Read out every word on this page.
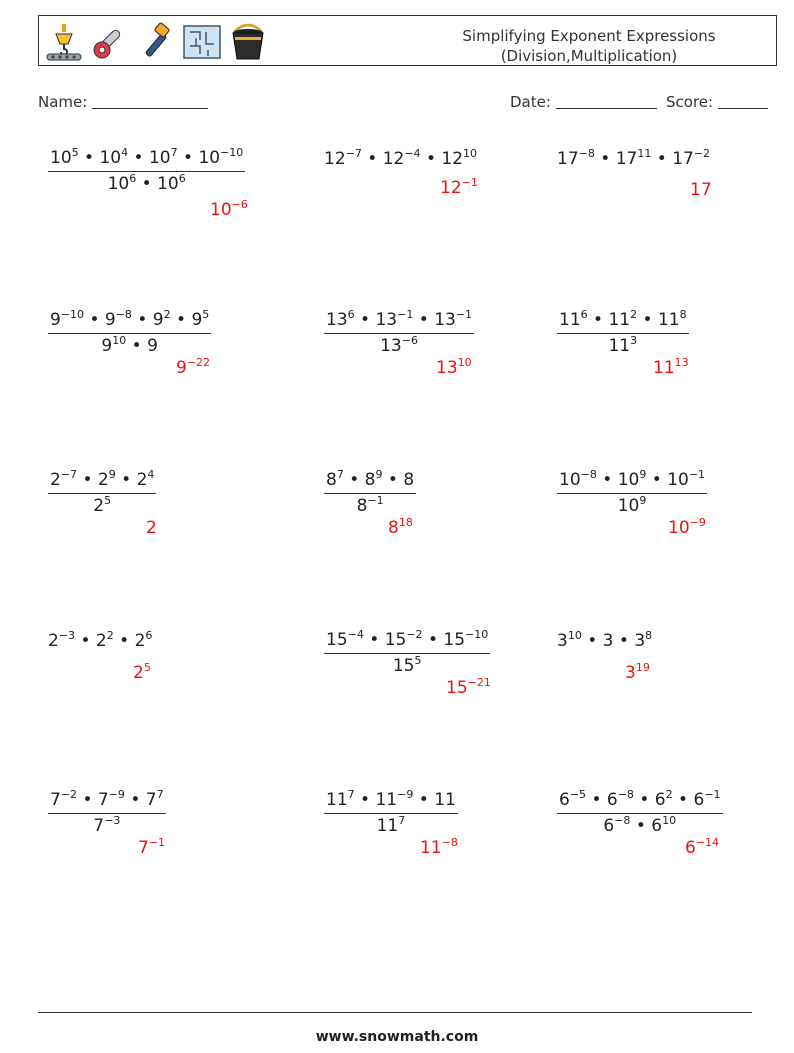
Simplifying Exponent Expressions
(Division,Multiplication)
Name:	Date:	Score:
$\frac{10^5 • 10^4 • 10^7 • 10^{-10}}{10^6 • 10^6}$
$10^{-6}$
$12^{-7}$ • $12^{-4}$ • $12^{10}$
$12^{-1}$
$17^{-8}$ • $17^{11}$ • $17^{-2}$
17
$\frac{9^{-10} • 9^{-8} • 9^2 • 9^5}{9^{10} • 9}$
$9^{-22}$
$\frac{13^6 • 13^{-1} • 13^{-1}}{13^{-6}}$
$13^{10}$
$\frac{11^6 • 11^2 • 11^8}{11^3}$
$11^{13}$
$\frac{2^{-7} • 2^9 • 2^4}{2^5}$
2
$\frac{8^7 • 8^9 • 8}{8^{-1}}$
$8^{18}$
$\frac{10^{-8} • 10^9 • 10^{-1}}{10^9}$
$10^{-9}$
$2^{-3}$ • $2^2$ • $2^6$
$2^5$	$\frac{15^{-4} • 15^{-2} • 15^{-10}}{15^5}$
$15^{-21}$
$3^{10}$ • 3 • $3^8$
$3^{19}$
$\frac{7^{-2} • 7^{-9} • 7^7}{7^{-3}}$
$7^{-1}$
$\frac{11^7 • 11^{-9} • 11}{11^7}$
$11^{-8}$
$\frac{6^{-5} • 6^{-8} • 6^2 • 6^{-1}}{6^{-8} • 6^{10}}$
$6^{-14}$
www.snowmath.com
